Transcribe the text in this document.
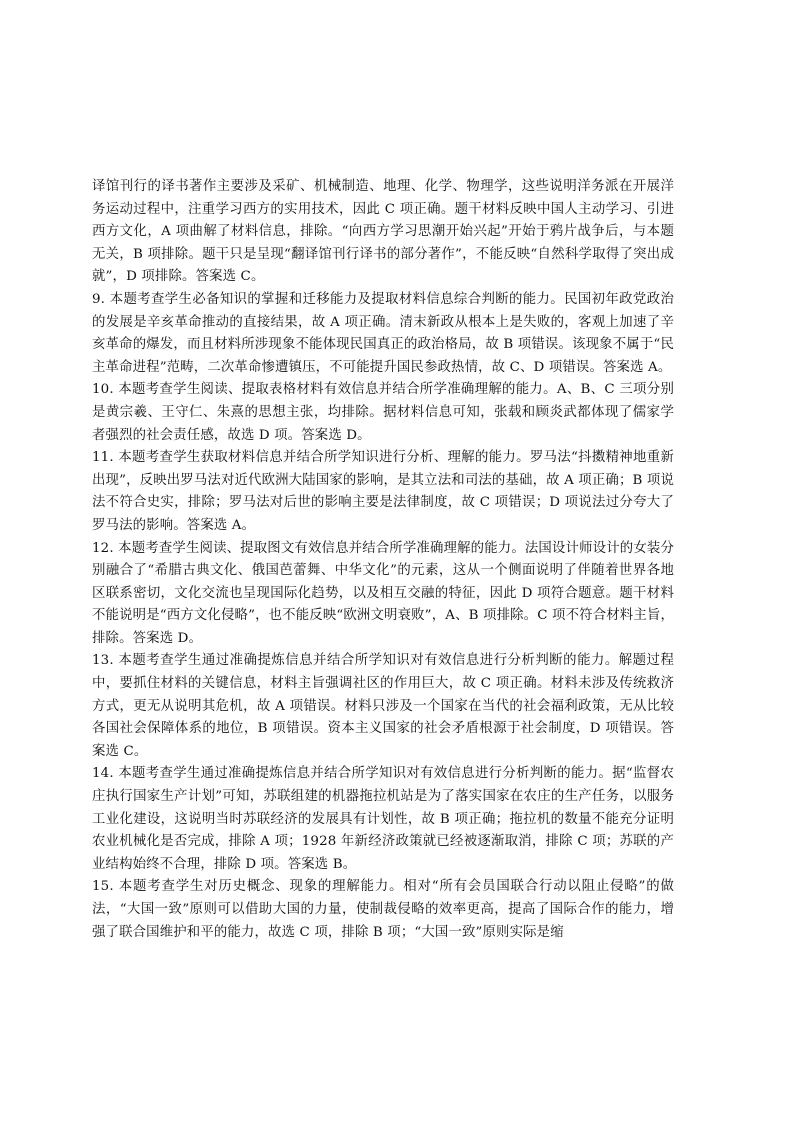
译馆刊行的译书著作主要涉及采矿、机械制造、地理、化学、物理学，这些说明洋务派在开展洋务运动过程中，注重学习西方的实用技术，因此 C 项正确。题干材料反映中国人主动学习、引进西方文化，A 项曲解了材料信息，排除。“向西方学习思潮开始兴起”开始于鸦片战争后，与本题无关，B 项排除。题干只是呈现“翻译馆刊行译书的部分著作”，不能反映“自然科学取得了突出成就”，D 项排除。答案选 C。

9. 本题考查学生必备知识的掌握和迁移能力及提取材料信息综合判断的能力。民国初年政党政治的发展是辛亥革命推动的直接结果，故 A 项正确。清末新政从根本上是失败的，客观上加速了辛亥革命的爆发，而且材料所涉现象不能体现民国真正的政治格局，故 B 项错误。该现象不属于“民主革命进程”范畴，二次革命惨遭镇压，不可能提升国民参政热情，故 C、D 项错误。答案选 A。

10. 本题考查学生阅读、提取表格材料有效信息并结合所学准确理解的能力。A、B、C 三项分别是黄宗羲、王守仁、朱熹的思想主张，均排除。据材料信息可知，张载和顾炎武都体现了儒家学者强烈的社会责任感，故选 D 项。答案选 D。

11. 本题考查学生获取材料信息并结合所学知识进行分析、理解的能力。罗马法“抖擞精神地重新出现”，反映出罗马法对近代欧洲大陆国家的影响，是其立法和司法的基础，故 A 项正确；B 项说法不符合史实，排除；罗马法对后世的影响主要是法律制度，故 C 项错误；D 项说法过分夸大了罗马法的影响。答案选 A。

12. 本题考查学生阅读、提取图文有效信息并结合所学准确理解的能力。法国设计师设计的女装分别融合了“希腊古典文化、俄国芭蕾舞、中华文化”的元素，这从一个侧面说明了伴随着世界各地区联系密切，文化交流也呈现国际化趋势，以及相互交融的特征，因此 D 项符合题意。题干材料不能说明是“西方文化侵略”，也不能反映“欧洲文明衰败”，A、B 项排除。C 项不符合材料主旨，排除。答案选 D。

13. 本题考查学生通过准确提炼信息并结合所学知识对有效信息进行分析判断的能力。解题过程中，要抓住材料的关键信息，材料主旨强调社区的作用巨大，故 C 项正确。材料未涉及传统救济方式，更无从说明其危机，故 A 项错误。材料只涉及一个国家在当代的社会福利政策，无从比较各国社会保障体系的地位，B 项错误。资本主义国家的社会矛盾根源于社会制度，D 项错误。答案选 C。

14. 本题考查学生通过准确提炼信息并结合所学知识对有效信息进行分析判断的能力。据“监督农庄执行国家生产计划”可知，苏联组建的机器拖拉机站是为了落实国家在农庄的生产任务，以服务工业化建设，这说明当时苏联经济的发展具有计划性，故 B 项正确；拖拉机的数量不能充分证明农业机械化是否完成，排除 A 项；1928 年新经济政策就已经被逐渐取消，排除 C 项；苏联的产业结构始终不合理，排除 D 项。答案选 B。

15. 本题考查学生对历史概念、现象的理解能力。相对“所有会员国联合行动以阻止侵略”的做法，“大国一致”原则可以借助大国的力量，使制裁侵略的效率更高，提高了国际合作的能力，增强了联合国维护和平的能力，故选 C 项，排除 B 项；“大国一致”原则实际是缩
